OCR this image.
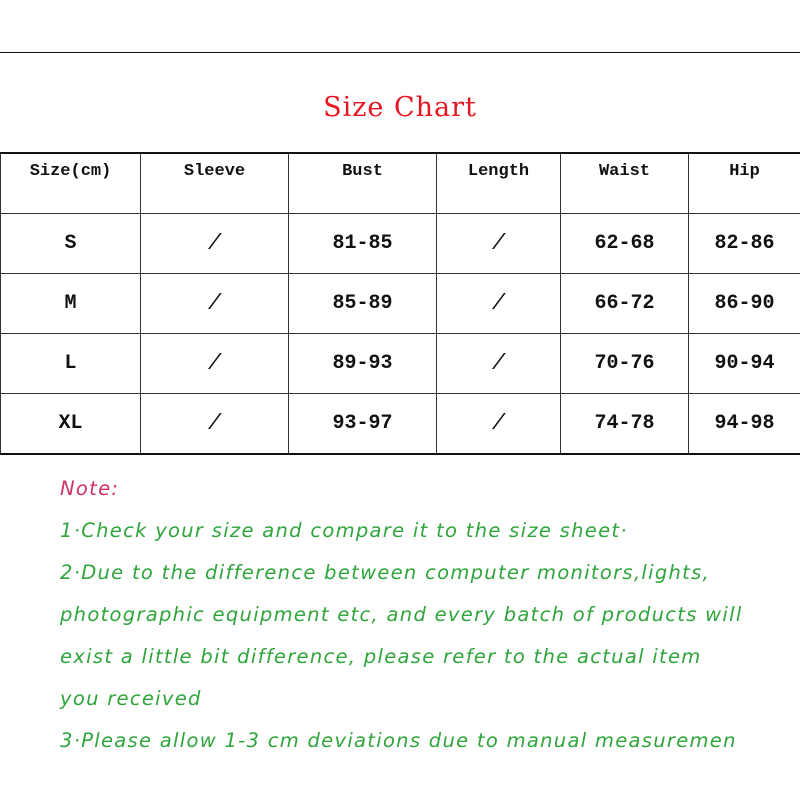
Size Chart
Size(cm)	Sleeve	Bust	Length	Waist	Hip
S	/	81-85	/	62-68	82-86
M	/	85-89	/	66-72	86-90
L	/	89-93	/	70-76	90-94
XL	/	93-97	/	74-78	94-98
Note:
1·Check your size and compare it to the size sheet·
2·Due to the difference between computer monitors,lights,
photographic equipment etc, and every batch of products will
exist a little bit difference, please refer to the actual item
you received
3·Please allow 1-3 cm deviations due to manual measuremen
